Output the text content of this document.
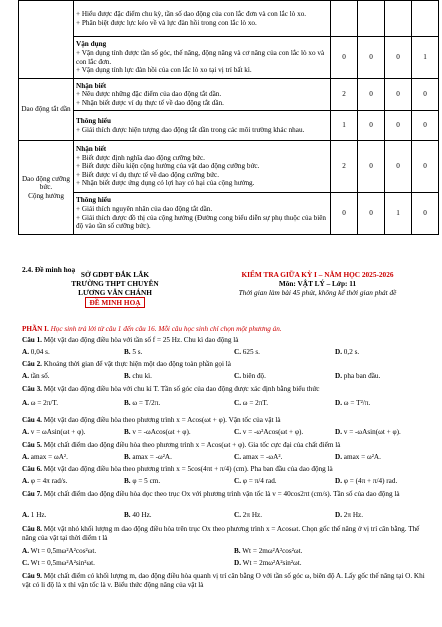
	+ Hiểu được đặc điểm chu kỳ, tần số dao động của con lắc đơn và con lắc lò xo.
+ Phân biệt được lực kéo về và lực đàn hồi trong con lắc lò xo.				

	Vận dụng
+ Vận dụng tính được tần số góc, thế năng, động năng và cơ năng của con lắc lò xo và con lắc đơn.
+ Vận dụng tính lực đàn hồi của con lắc lò xo tại vị trí bất kì.	0	0	0	1
Dao động tắt dần	Nhận biết
+ Nêu được những đặc điểm của dao động tắt dần.
+ Nhận biết được ví dụ thực tế về dao động tắt dần.	2	0	0	0

	Thông hiểu
+ Giải thích được hiện tượng dao động tắt dần trong các môi trường khác nhau.	1	0	0	0

Dao động cưỡng bức.
Cộng hưởng	Nhận biết
+ Biết được định nghĩa dao động cưỡng bức.
+ Biết được điều kiện cộng hưởng của vật dao động cưỡng bức.
+ Biết được ví dụ thực tế về dao động cưỡng bức.
+ Nhận biết được ứng dụng có lợi hay có hại của cộng hưởng.	2	0	0	0

	Thông hiểu
+ Giải thích nguyên nhân của dao động tắt dần.
+ Giải thích được đồ thị của cộng hưởng (Đường cong biểu diễn sự phụ thuộc của biên độ vào tần số cưỡng bức).	0	0	1	0
2.4. Đề minh hoạ
SỞ GDĐT ĐẮK LẮK
TRƯỜNG THPT CHUYÊN
LƯƠNG VĂN CHÁNH
ĐỀ MINH HOẠ
KIỂM TRA GIỮA KỲ I – NĂM HỌC 2025-2026
Môn: VẬT LÝ – Lớp: 11
Thời gian làm bài 45 phút, không kể thời gian phát đề
PHẦN I. Học sinh trả lời từ câu 1 đến câu 16. Mỗi câu học sinh chỉ chọn một phương án.
Câu 1. Một vật dao động điều hòa với tần số f = 25 Hz. Chu kì dao động là
A. 0,04 s.	B. 5 s.	C. 625 s.	D. 0,2 s.
Câu 2. Khoảng thời gian để vật thực hiện một dao động toàn phần gọi là
A. tần số.	B. chu kì.	C. biên độ.	D. pha ban đầu.
Câu 3. Một vật dao động điều hòa với chu kì T. Tần số góc của dao động được xác định bằng biểu thức
A. ω = 2π/T.	B. ω = T/2π.	C. ω = 2πT.	D. ω = T²/π.
Câu 4. Một vật dao động điều hòa theo phương trình x = Acos(ωt + φ). Vận tốc của vật là
A. v = ωAsin(ωt + φ).	B. v = -ωAcos(ωt + φ).	C. v = -ω²Acos(ωt + φ).	D. v = -ωAsin(ωt + φ).
Câu 5. Một chất điểm dao động điều hòa theo phương trình x = Acos(ωt + φ). Gia tốc cực đại của chất điểm là
A. amax = ωA².	B. amax = -ω²A.	C. amax = -ωA².	D. amax = ω²A.
Câu 6. Một vật dao động điều hòa theo phương trình x = 5cos(4πt + π/4) (cm). Pha ban đầu của dao động là
A. φ = 4π rad/s.	B. φ = 5 cm.	C. φ = π/4 rad.	D. φ = (4π + π/4) rad.
Câu 7. Một chất điểm dao động điều hòa dọc theo trục Ox với phương trình vận tốc là v = 40cos2πt (cm/s). Tần số của dao động là
A. 1 Hz.	B. 40 Hz.	C. 2π Hz.	D. 2π Hz.
Câu 8. Một vật nhỏ khối lượng m dao động điều hòa trên trục Ox theo phương trình x = Acosωt. Chọn gốc thế năng ở vị trí cân bằng. Thế năng của vật tại thời điểm t là
A. Wt = 0,5mω²A²cos²ωt.	B. Wt = 2mω²A²cos²ωt.
C. Wt = 0,5mω²A²sin²ωt.	D. Wt = 2mω²A²sin²ωt.
Câu 9. Một chất điểm có khối lượng m, dao động điều hòa quanh vị trí cân bằng O với tần số góc ω, biên độ A. Lấy gốc thế năng tại O. Khi vật có li độ là x thì vận tốc là v. Biểu thức động năng của vật là
